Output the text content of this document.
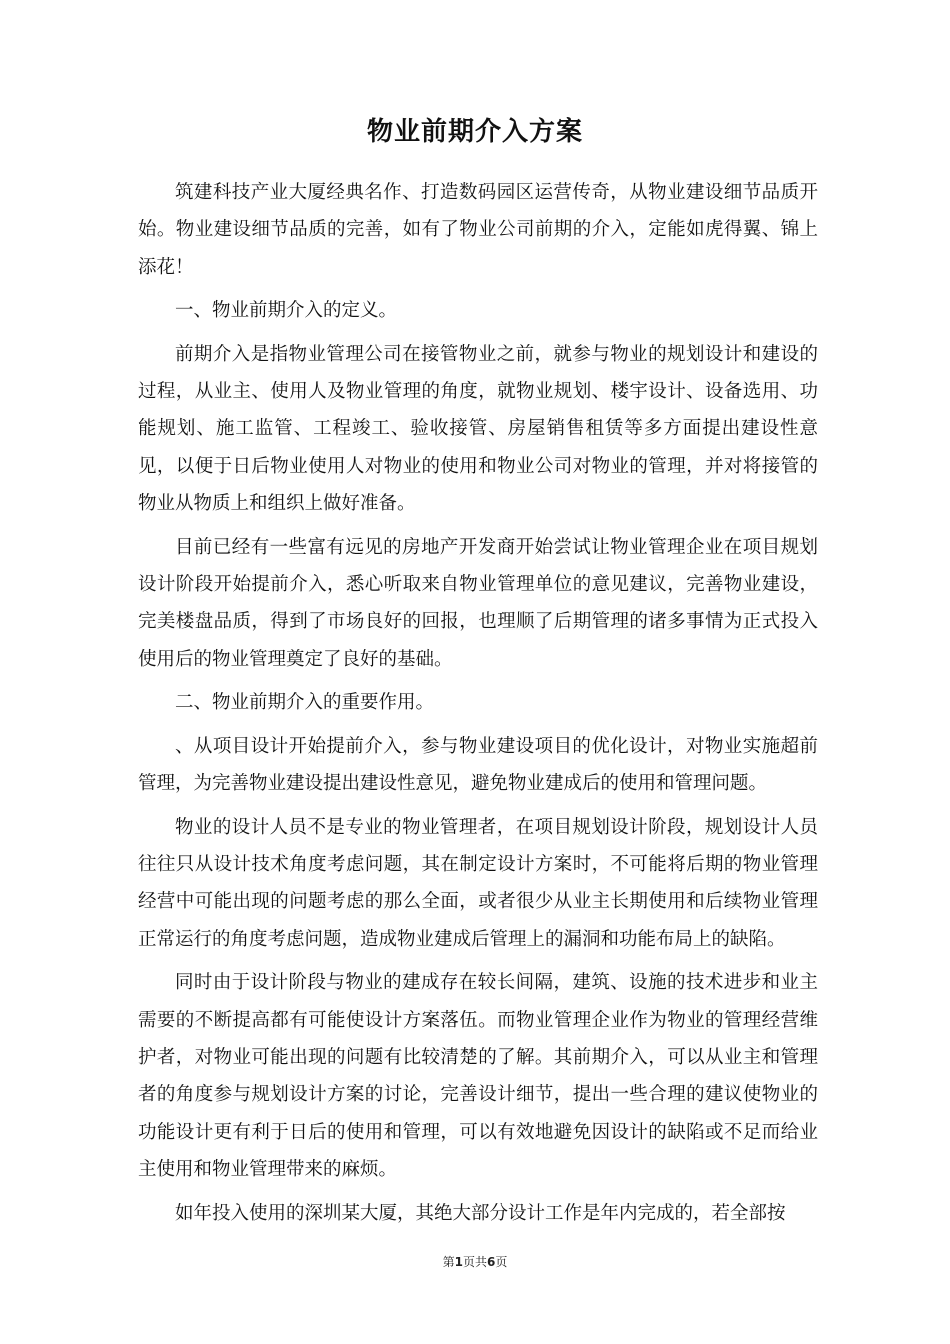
物业前期介入方案

筑建科技产业大厦经典名作、打造数码园区运营传奇，从物业建设细节品质开始。物业建设细节品质的完善，如有了物业公司前期的介入，定能如虎得翼、锦上添花！

一、物业前期介入的定义。

前期介入是指物业管理公司在接管物业之前，就参与物业的规划设计和建设的过程，从业主、使用人及物业管理的角度，就物业规划、楼宇设计、设备选用、功能规划、施工监管、工程竣工、验收接管、房屋销售租赁等多方面提出建设性意见，以便于日后物业使用人对物业的使用和物业公司对物业的管理，并对将接管的物业从物质上和组织上做好准备。

目前已经有一些富有远见的房地产开发商开始尝试让物业管理企业在项目规划设计阶段开始提前介入，悉心听取来自物业管理单位的意见建议，完善物业建设，完美楼盘品质，得到了市场良好的回报，也理顺了后期管理的诸多事情为正式投入使用后的物业管理奠定了良好的基础。

二、物业前期介入的重要作用。

、从项目设计开始提前介入，参与物业建设项目的优化设计，对物业实施超前管理，为完善物业建设提出建设性意见，避免物业建成后的使用和管理问题。

物业的设计人员不是专业的物业管理者，在项目规划设计阶段，规划设计人员往往只从设计技术角度考虑问题，其在制定设计方案时，不可能将后期的物业管理经营中可能出现的问题考虑的那么全面，或者很少从业主长期使用和后续物业管理正常运行的角度考虑问题，造成物业建成后管理上的漏洞和功能布局上的缺陷。

同时由于设计阶段与物业的建成存在较长间隔，建筑、设施的技术进步和业主需要的不断提高都有可能使设计方案落伍。而物业管理企业作为物业的管理经营维护者，对物业可能出现的问题有比较清楚的了解。其前期介入，可以从业主和管理者的角度参与规划设计方案的讨论，完善设计细节，提出一些合理的建议使物业的功能设计更有利于日后的使用和管理，可以有效地避免因设计的缺陷或不足而给业主使用和物业管理带来的麻烦。

如年投入使用的深圳某大厦，其绝大部分设计工作是年内完成的，若全部按

第1页共6页
